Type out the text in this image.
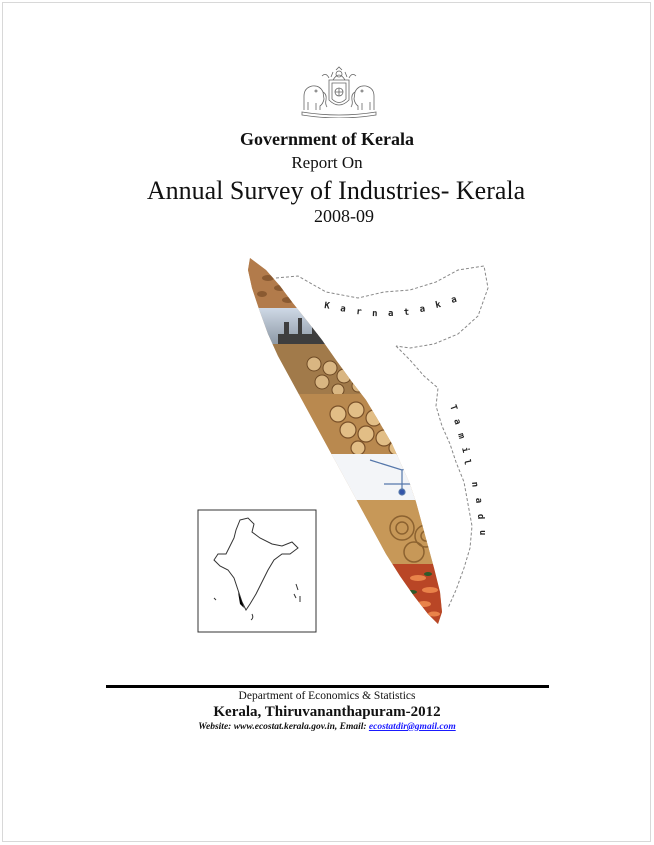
Government of Kerala
Report On
Annual Survey of Industries- Kerala
2008-09
K a r n a t a k a
T
a
m
i
l
n
a
d
u
Department of Economics & Statistics
Kerala, Thiruvananthapuram-2012
Website: www.ecostat.kerala.gov.in, Email: ecostatdir@gmail.com
